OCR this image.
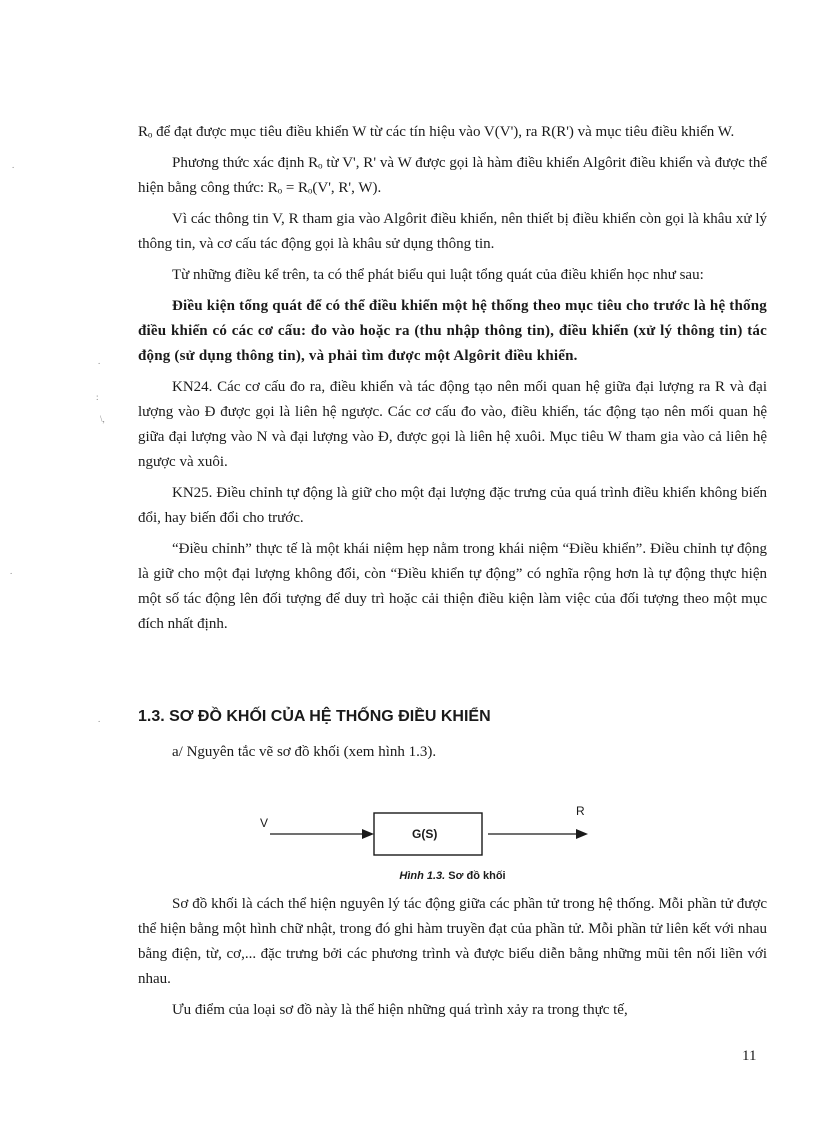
Rₒ để đạt được mục tiêu điều khiển W từ các tín hiệu vào V(V'), ra R(R') và mục tiêu điều khiển W.

Phương thức xác định Rₒ từ V', R' và W được gọi là hàm điều khiển Algôrit điều khiển và được thể hiện bằng công thức: Rₒ = Rₒ(V', R', W).

Vì các thông tin V, R tham gia vào Algôrit điều khiển, nên thiết bị điều khiển còn gọi là khâu xử lý thông tin, và cơ cấu tác động gọi là khâu sử dụng thông tin.

Từ những điều kể trên, ta có thể phát biểu qui luật tổng quát của điều khiển học như sau:

Điều kiện tổng quát để có thể điều khiển một hệ thống theo mục tiêu cho trước là hệ thống điều khiển có các cơ cấu: đo vào hoặc ra (thu nhập thông tin), điều khiển (xử lý thông tin) tác động (sử dụng thông tin), và phải tìm được một Algôrit điều khiển.

KN24. Các cơ cấu đo ra, điều khiển và tác động tạo nên mối quan hệ giữa đại lượng ra R và đại lượng vào Đ được gọi là liên hệ ngược. Các cơ cấu đo vào, điều khiển, tác động tạo nên mối quan hệ giữa đại lượng vào N và đại lượng vào Đ, được gọi là liên hệ xuôi. Mục tiêu W tham gia vào cả liên hệ ngược và xuôi.

KN25. Điều chỉnh tự động là giữ cho một đại lượng đặc trưng của quá trình điều khiển không biến đổi, hay biến đổi cho trước.

“Điều chỉnh” thực tế là một khái niệm hẹp nằm trong khái niệm “Điều khiển”. Điều chỉnh tự động là giữ cho một đại lượng không đổi, còn “Điều khiển tự động” có nghĩa rộng hơn là tự động thực hiện một số tác động lên đối tượng để duy trì hoặc cải thiện điều kiện làm việc của đối tượng theo một mục đích nhất định.

1.3. SƠ ĐỒ KHỐI CỦA HỆ THỐNG ĐIỀU KHIỂN

a/ Nguyên tắc vẽ sơ đồ khối (xem hình 1.3).

V
G(S)
R

Hình 1.3. Sơ đồ khối

Sơ đồ khối là cách thể hiện nguyên lý tác động giữa các phần tử trong hệ thống. Mỗi phần tử được thể hiện bằng một hình chữ nhật, trong đó ghi hàm truyền đạt của phần tử. Mỗi phần tử liên kết với nhau bằng điện, từ, cơ,... đặc trưng bởi các phương trình và được biểu diễn bằng những mũi tên nối liền với nhau.

Ưu điểm của loại sơ đồ này là thể hiện những quá trình xảy ra trong thực tế,

11

.
.
:
\,
.
.
